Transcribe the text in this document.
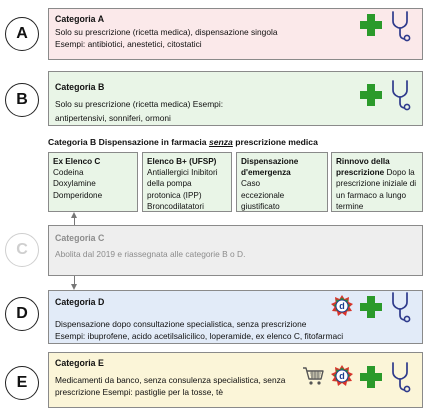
A
B
C
D
E
Categoria A
Solo su prescrizione (ricetta medica), dispensazione singola
Esempi: antibiotici, anestetici, citostatici
Categoria B
Solo su prescrizione (ricetta medica) Esempi:
antipertensivi, sonniferi, ormoni
Categoria B Dispensazione in farmacia senza prescrizione medica
Ex Elenco C
Codeina
Doxylamine
Domperidone
Elenco B+ (UFSP)
Antiallergici Inibitori
della pompa
protonica (IPP)
Broncodilatatori
Dispensazione
d'emergenza
Caso
eccezionale
giustificato
Rinnovo della
prescrizione Dopo la
prescrizione iniziale di
un farmaco a lungo
termine
Categoria C
Abolita dal 2019 e riassegnata alle categorie B o D.
Categoria D
Dispensazione dopo consultazione specialistica, senza prescrizione
Esempi: ibuprofene, acido acetilsalicilico, loperamide, ex elenco C, fitofarmaci
Categoria E
Medicamenti da banco, senza consulenza specialistica, senza
prescrizione Esempi: pastiglie per la tosse, tè
d
d
